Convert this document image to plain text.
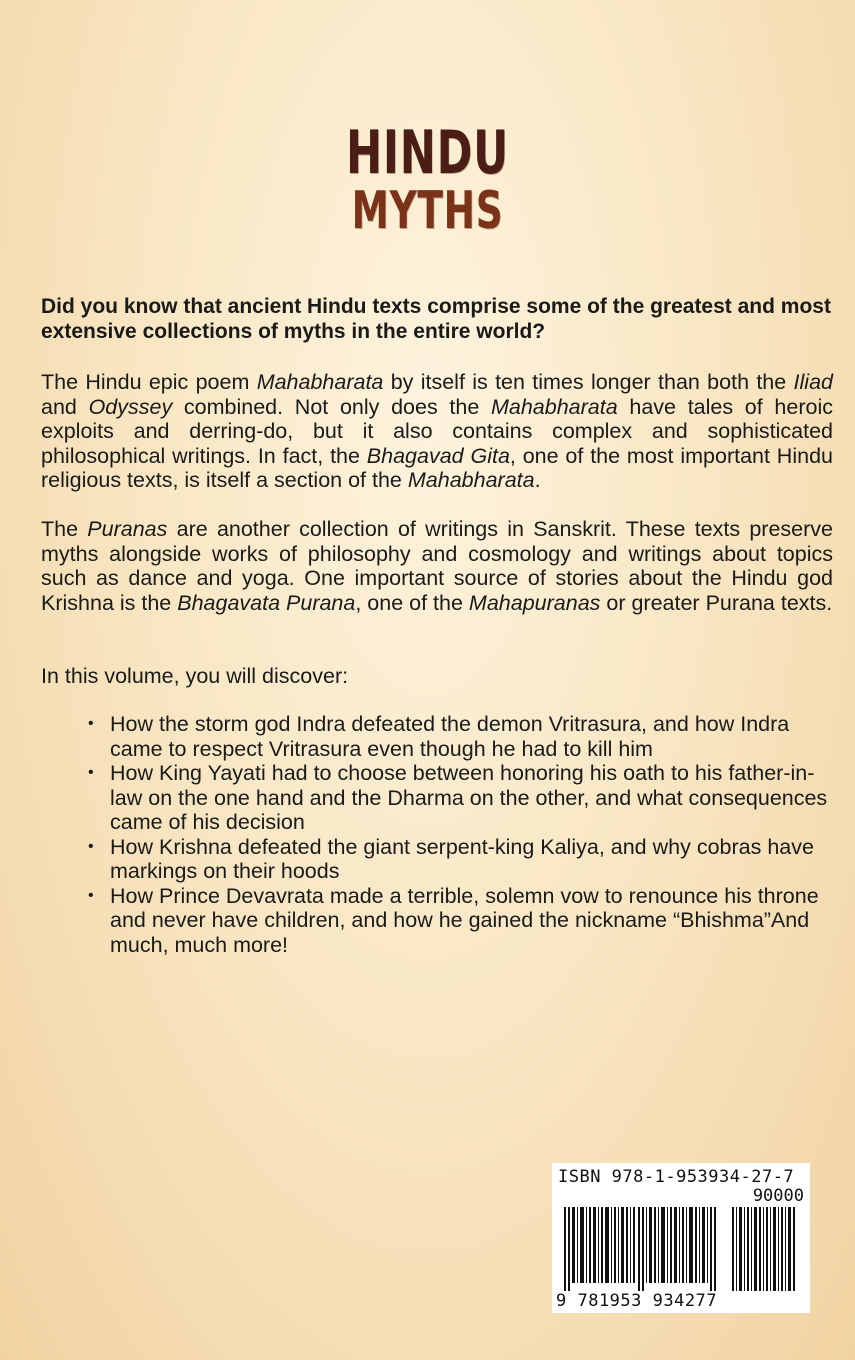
HINDU
MYTHS
Did you know that ancient Hindu texts comprise some of the greatest and most extensive collections of myths in the entire world?

The Hindu epic poem Mahabharata by itself is ten times longer than both the Iliad and Odyssey combined. Not only does the Mahabharata have tales of heroic exploits and derring-do, but it also contains complex and sophisticated philosophical writings. In fact, the Bhagavad Gita, one of the most important Hindu religious texts, is itself a section of the Mahabharata.

The Puranas are another collection of writings in Sanskrit. These texts preserve myths alongside works of philosophy and cosmology and writings about topics such as dance and yoga. One important source of stories about the Hindu god Krishna is the Bhagavata Purana, one of the Mahapuranas or greater Purana texts.

In this volume, you will discover:

• How the storm god Indra defeated the demon Vritrasura, and how Indra came to respect Vritrasura even though he had to kill him
• How King Yayati had to choose between honoring his oath to his father-in-law on the one hand and the Dharma on the other, and what consequences came of his decision
• How Krishna defeated the giant serpent-king Kaliya, and why cobras have markings on their hoods
• How Prince Devavrata made a terrible, solemn vow to renounce his throne and never have children, and how he gained the nickname “Bhishma”And much, much more!
ISBN 978-1-953934-27-7
90000
9 781953 934277
